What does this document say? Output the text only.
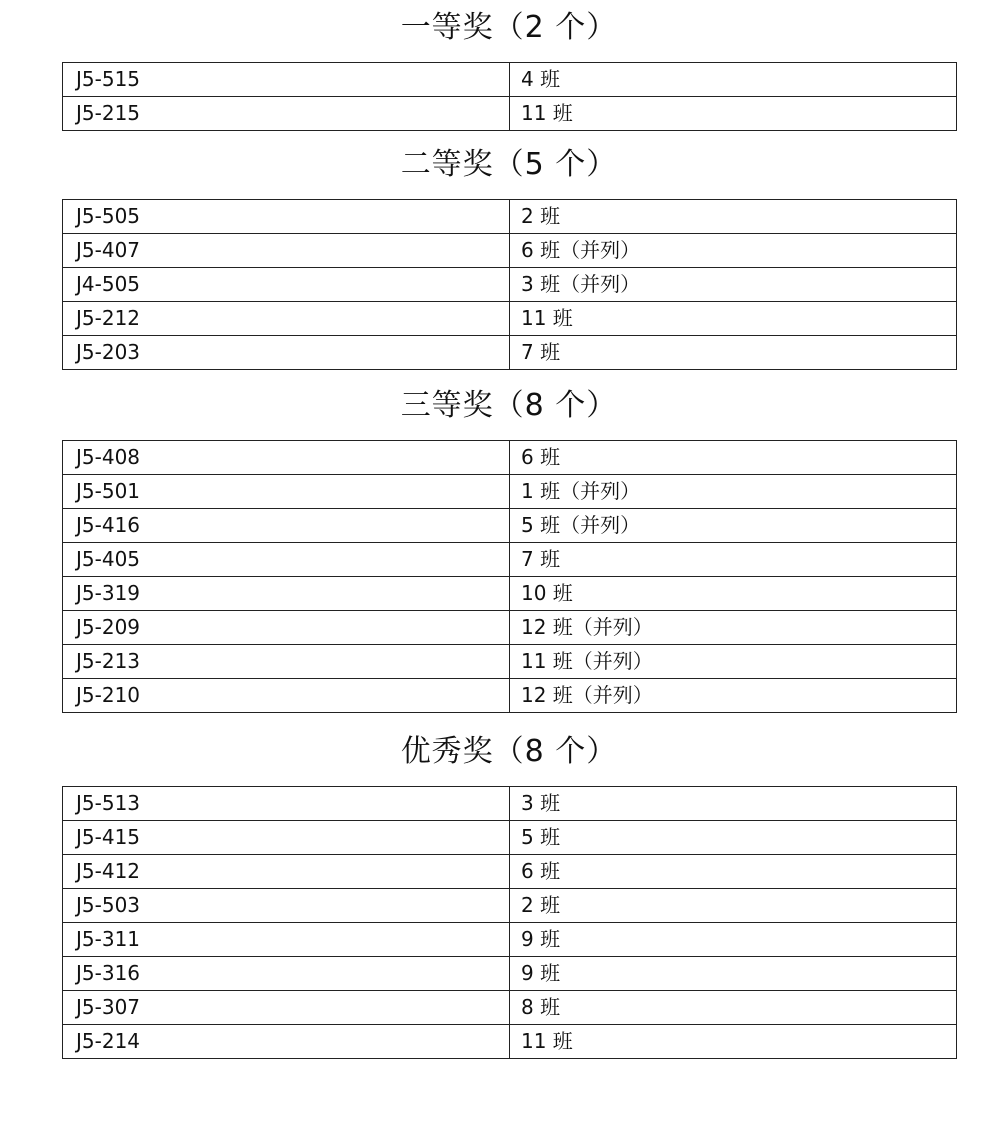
一等奖（2 个）
J5-515	4 班
J5-215	11 班
二等奖（5 个）
J5-505	2 班
J5-407	6 班（并列）
J4-505	3 班（并列）
J5-212	11 班
J5-203	7 班
三等奖（8 个）
J5-408	6 班
J5-501	1 班（并列）
J5-416	5 班（并列）
J5-405	7 班
J5-319	10 班
J5-209	12 班（并列）
J5-213	11 班（并列）
J5-210	12 班（并列）
优秀奖（8 个）
J5-513	3 班
J5-415	5 班
J5-412	6 班
J5-503	2 班
J5-311	9 班
J5-316	9 班
J5-307	8 班
J5-214	11 班
